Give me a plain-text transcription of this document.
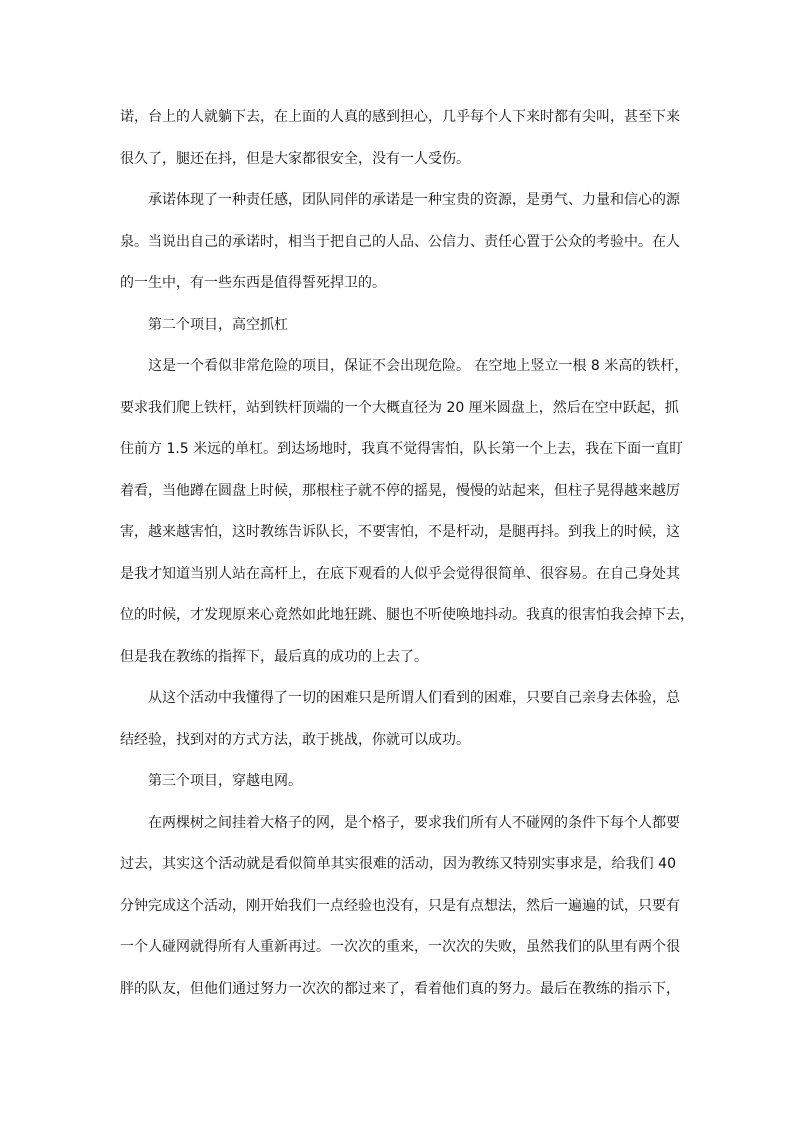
诺，台上的人就躺下去，在上面的人真的感到担心，几乎每个人下来时都有尖叫，甚至下来
很久了，腿还在抖，但是大家都很安全，没有一人受伤。
承诺体现了一种责任感，团队同伴的承诺是一种宝贵的资源，是勇气、力量和信心的源
泉。当说出自己的承诺时，相当于把自己的人品、公信力、责任心置于公众的考验中。在人
的一生中，有一些东西是值得誓死捍卫的。
第二个项目，高空抓杠
这是一个看似非常危险的项目，保证不会出现危险。 在空地上竖立一根 8 米高的铁杆，
要求我们爬上铁杆，站到铁杆顶端的一个大概直径为 20 厘米圆盘上，然后在空中跃起，抓
住前方 1.5 米远的单杠。到达场地时，我真不觉得害怕，队长第一个上去，我在下面一直盯
着看，当他蹲在圆盘上时候，那根柱子就不停的摇晃，慢慢的站起来，但柱子晃得越来越厉
害，越来越害怕，这时教练告诉队长，不要害怕，不是杆动，是腿再抖。到我上的时候，这
是我才知道当别人站在高杆上，在底下观看的人似乎会觉得很简单、很容易。在自己身处其
位的时候，才发现原来心竟然如此地狂跳、腿也不听使唤地抖动。我真的很害怕我会掉下去，
但是我在教练的指挥下，最后真的成功的上去了。
从这个活动中我懂得了一切的困难只是所谓人们看到的困难，只要自己亲身去体验，总
结经验，找到对的方式方法，敢于挑战，你就可以成功。
第三个项目，穿越电网。
在两棵树之间挂着大格子的网，是个格子，要求我们所有人不碰网的条件下每个人都要
过去，其实这个活动就是看似简单其实很难的活动，因为教练又特别实事求是，给我们 40
分钟完成这个活动，刚开始我们一点经验也没有，只是有点想法，然后一遍遍的试，只要有
一个人碰网就得所有人重新再过。一次次的重来，一次次的失败，虽然我们的队里有两个很
胖的队友，但他们通过努力一次次的都过来了，看着他们真的努力。最后在教练的指示下，
